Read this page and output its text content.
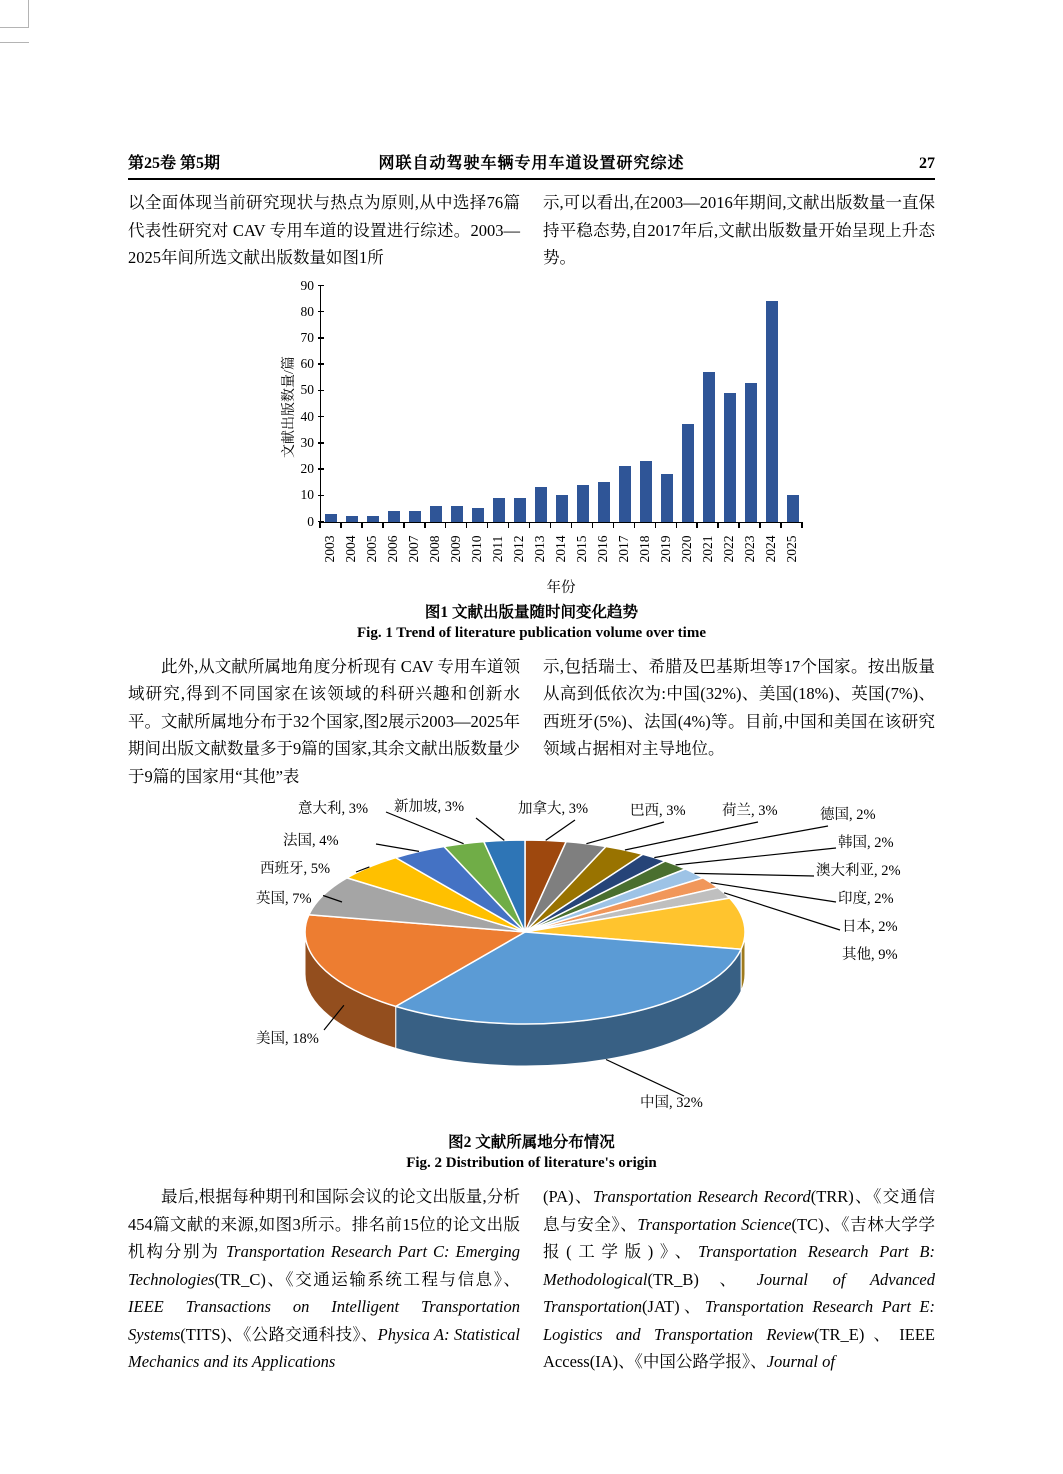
第25卷 第5期	网联自动驾驶车辆专用车道设置研究综述	27

以全面体现当前研究现状与热点为原则,从中选择76篇代表性研究对 CAV 专用车道的设置进行综述。2003—2025年间所选文献出版数量如图1所

示,可以看出,在2003—2016年期间,文献出版数量一直保持平稳态势,自2017年后,文献出版数量开始呈现上升态势。

0
10
20
30
40
50
60
70
80
90
2003 2004 2005 2006 2007 2008 2009 2010 2011 2012 2013 2014 2015 2016 2017 2018 2019 2020 2021 2022 2023 2024 2025
文献出版数量/篇
年份
图1 文献出版量随时间变化趋势
Fig. 1 Trend of literature publication volume over time

此外,从文献所属地角度分析现有 CAV 专用车道领域研究,得到不同国家在该领域的科研兴趣和创新水平。文献所属地分布于32个国家,图2展示2003—2025年期间出版文献数量多于9篇的国家,其余文献出版数量少于9篇的国家用“其他”表

示,包括瑞士、希腊及巴基斯坦等17个国家。按出版量从高到低依次为:中国(32%)、美国(18%)、英国(7%)、西班牙(5%)、法国(4%)等。目前,中国和美国在该研究领域占据相对主导地位。

加拿大, 3%	巴西, 3%	荷兰, 3%	德国, 2%
韩国, 2%
澳大利亚, 2%
印度, 2%
日本, 2%
其他, 9%
中国, 32%
美国, 18%
英国, 7%
西班牙, 5%
法国, 4%
意大利, 3% 新加坡, 3%
图2 文献所属地分布情况
Fig. 2 Distribution of literature's origin

最后,根据每种期刊和国际会议的论文出版量,分析454篇文献的来源,如图3所示。排名前15位的论文出版机构分别为 Transportation Research Part C: Emerging Technologies(TR_C)、《交通运输系统工程与信息》、IEEE Transactions on Intelligent Transportation Systems(TITS)、《公路交通科技》、Physica A: Statistical Mechanics and its Applications

(PA)、Transportation Research Record(TRR)、《交通信息与安全》、Transportation Science(TC)、《吉林大学学报(工学版)》、Transportation Research Part B: Methodological(TR_B)、Journal of Advanced Transportation(JAT)、Transportation Research Part E: Logistics and Transportation Review(TR_E)、IEEE Access(IA)、《中国公路学报》、Journal of
